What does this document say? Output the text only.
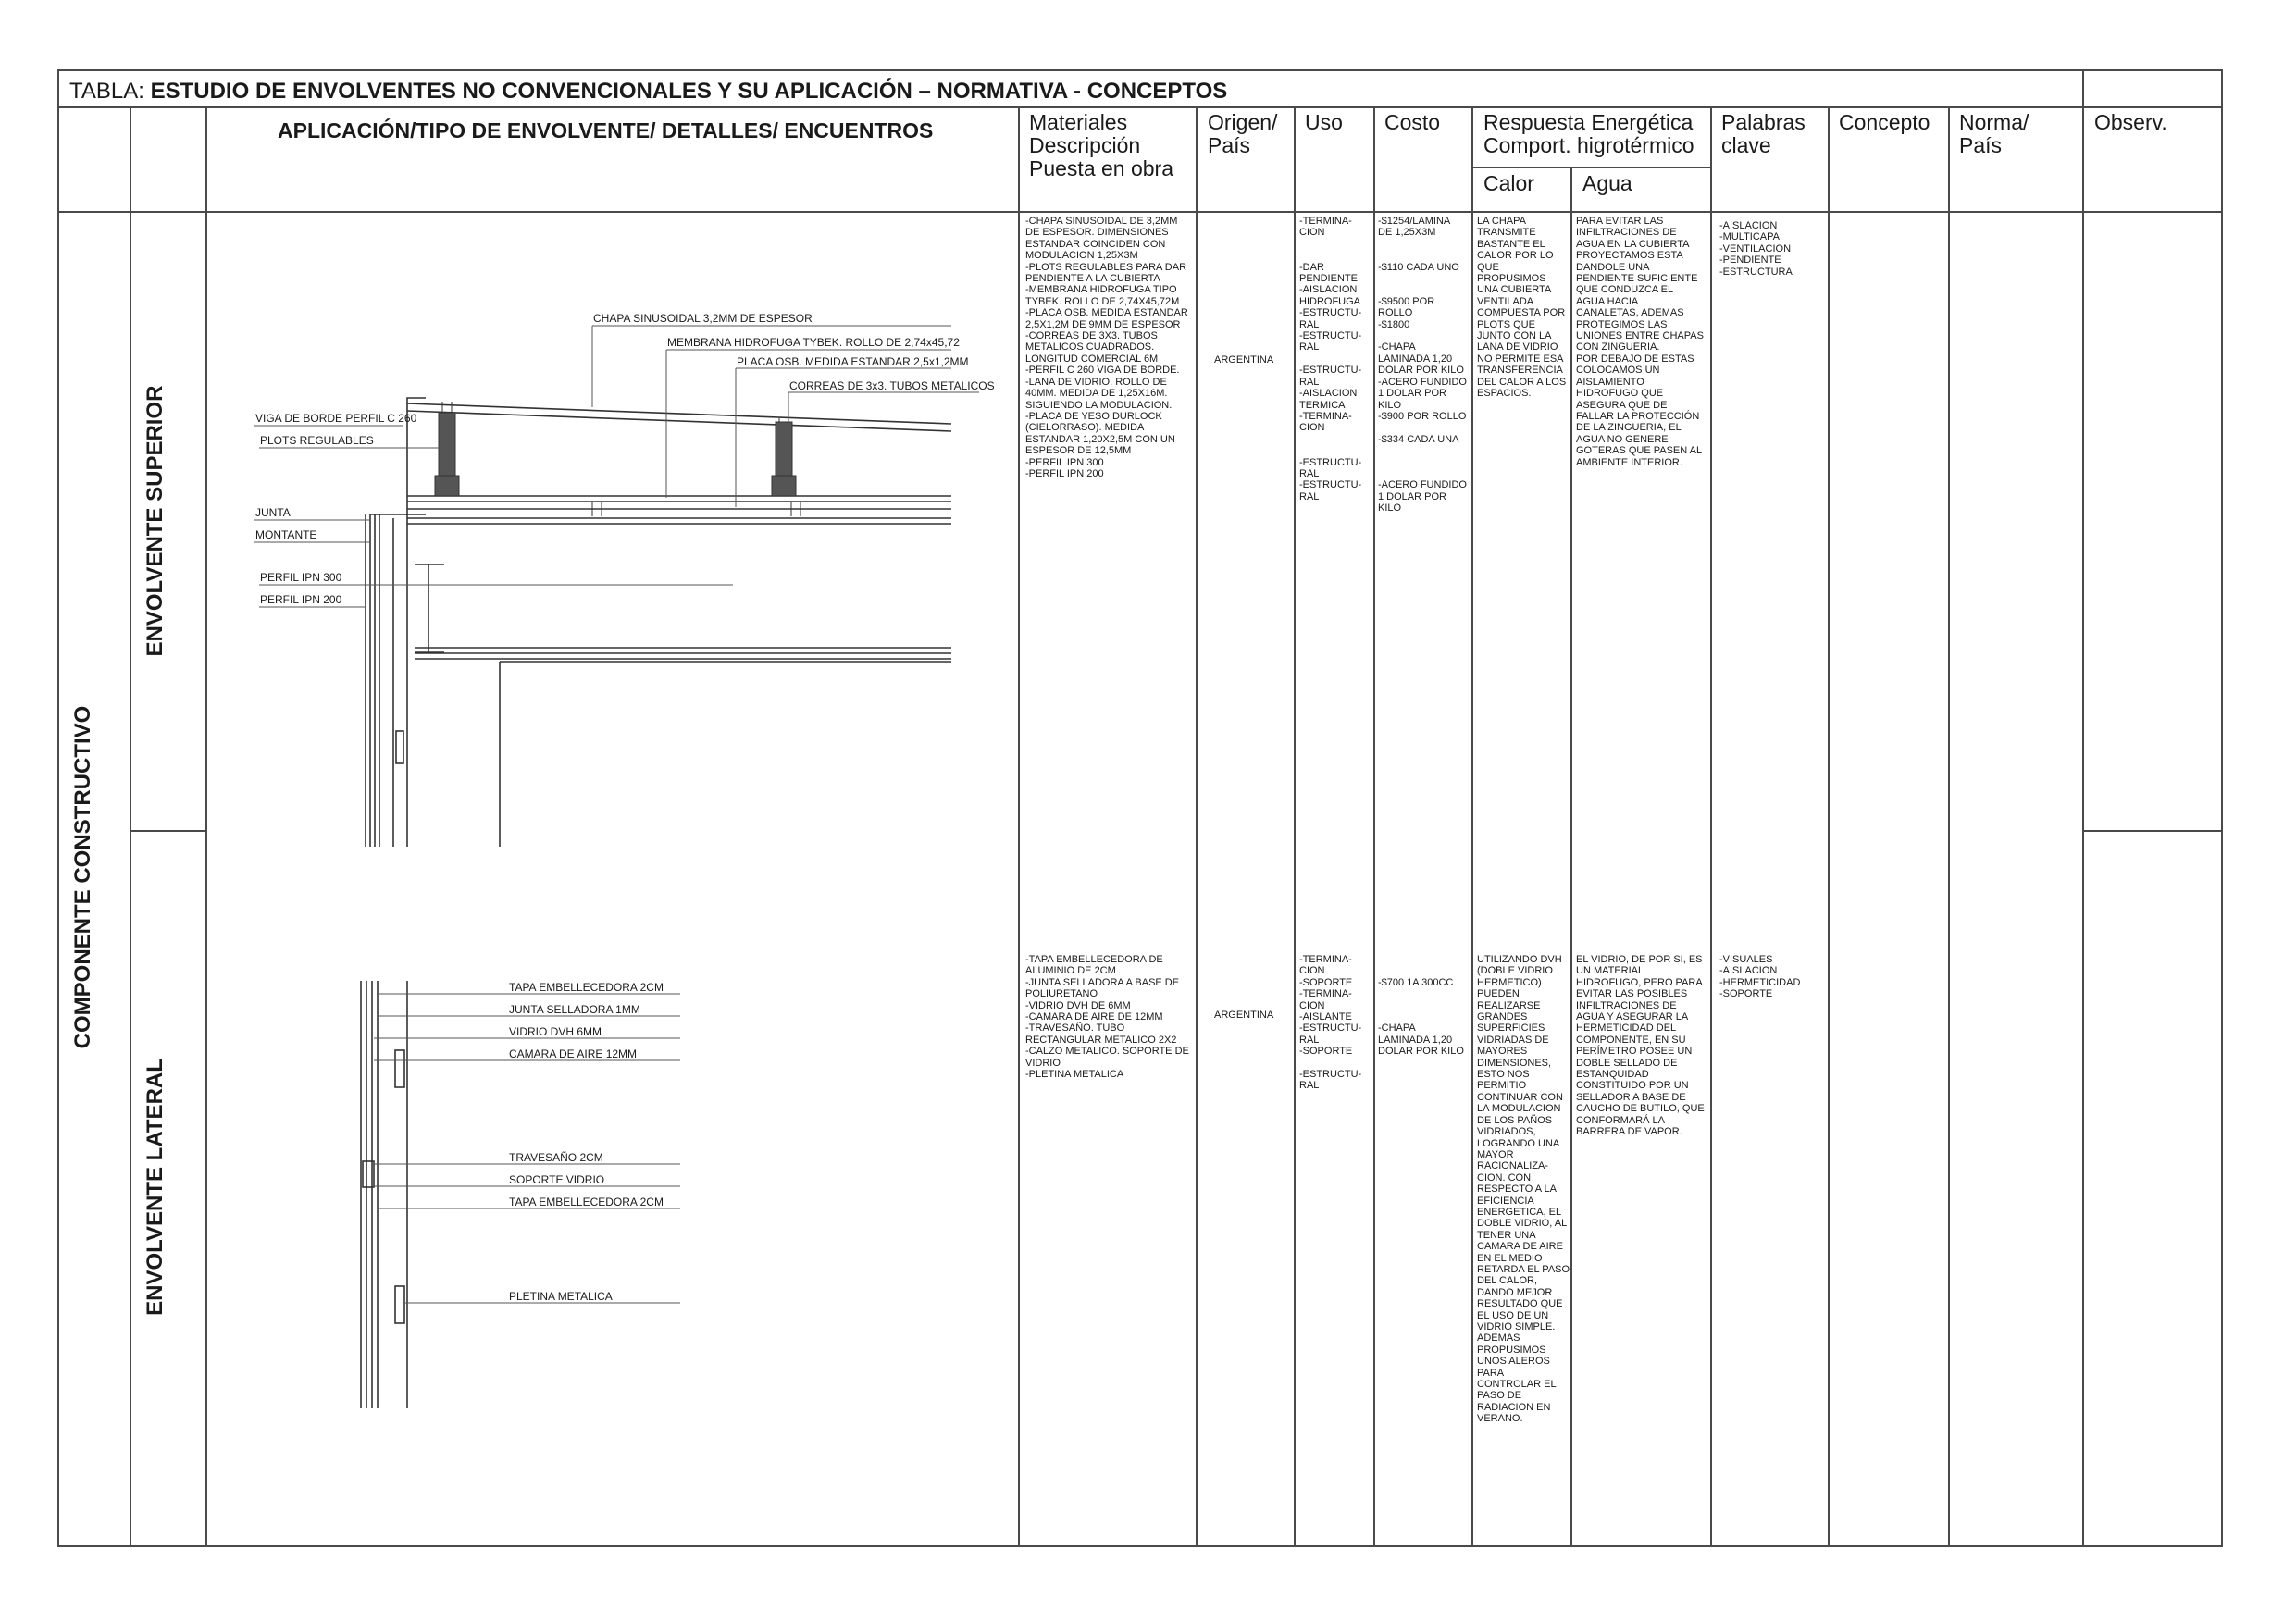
TABLA: ESTUDIO DE ENVOLVENTES NO CONVENCIONALES Y SU APLICACIÓN – NORMATIVA - CONCEPTOS
APLICACIÓN/TIPO DE ENVOLVENTE/ DETALLES/ ENCUENTROS	Materiales
Descripción
Puesta en obra
Origen/
País
Uso Costo Respuesta Energética
Comport. higrotérmico
Calor Agua
Palabras
clave
Concepto Norma/
País
Observ.
COMPONENTE CONSTRUCTIVO
ENVOLVENTE SUPERIOR
ENVOLVENTE LATERAL
CHAPA SINUSOIDAL 3,2MM DE ESPESOR
MEMBRANA HIDROFUGA TYBEK. ROLLO DE 2,74x45,72
PLACA OSB. MEDIDA ESTANDAR 2,5x1,2MM
CORREAS DE 3x3. TUBOS METALICOS
VIGA DE BORDE PERFIL C 260
PLOTS REGULABLES
JUNTA
MONTANTE
PERFIL IPN 300
PERFIL IPN 200
TAPA EMBELLECEDORA 2CM
JUNTA SELLADORA 1MM
VIDRIO DVH 6MM
CAMARA DE AIRE 12MM
TRAVESAÑO 2CM
SOPORTE VIDRIO
TAPA EMBELLECEDORA 2CM
PLETINA METALICA
-CHAPA SINUSOIDAL DE 3,2MM
DE ESPESOR. DIMENSIONES
ESTANDAR COINCIDEN CON
MODULACION 1,25X3M
-PLOTS REGULABLES PARA DAR
PENDIENTE A LA CUBIERTA
-MEMBRANA HIDROFUGA TIPO
TYBEK. ROLLO DE 2,74X45,72M
-PLACA OSB. MEDIDA ESTANDAR
2,5X1,2M DE 9MM DE ESPESOR
-CORREAS DE 3X3. TUBOS
METALICOS CUADRADOS.
LONGITUD COMERCIAL 6M
-PERFIL C 260 VIGA DE BORDE.
-LANA DE VIDRIO. ROLLO DE
40MM. MEDIDA DE 1,25X16M.
SIGUIENDO LA MODULACION.
-PLACA DE YESO DURLOCK
(CIELORRASO). MEDIDA
ESTANDAR 1,20X2,5M CON UN
ESPESOR DE 12,5MM
-PERFIL IPN 300
-PERFIL IPN 200
ARGENTINA
-TERMINA-
CION

-DAR
PENDIENTE
-AISLACION
HIDROFUGA
-ESTRUCTU-
RAL
-ESTRUCTU-
RAL

-ESTRUCTU-
RAL
-AISLACION
TERMICA
-TERMINA-
CION

-ESTRUCTU-
RAL
-ESTRUCTU-
RAL
-$1254/LAMINA
DE 1,25X3M

-$110 CADA UNO

-$9500 POR
ROLLO
-$1800

-CHAPA
LAMINADA 1,20
DOLAR POR KILO
-ACERO FUNDIDO
1 DOLAR POR
KILO
-$900 POR ROLLO

-$334 CADA UNA

-ACERO FUNDIDO
1 DOLAR POR
KILO
LA CHAPA
TRANSMITE
BASTANTE EL
CALOR POR LO
QUE
PROPUSIMOS
UNA CUBIERTA
VENTILADA
COMPUESTA POR
PLOTS QUE
JUNTO CON LA
LANA DE VIDRIO
NO PERMITE ESA
TRANSFERENCIA
DEL CALOR A LOS
ESPACIOS.
PARA EVITAR LAS
INFILTRACIONES DE
AGUA EN LA CUBIERTA
PROYECTAMOS ESTA
DANDOLE UNA
PENDIENTE SUFICIENTE
QUE CONDUZCA EL
AGUA HACIA
CANALETAS, ADEMAS
PROTEGIMOS LAS
UNIONES ENTRE CHAPAS
CON ZINGUERIA.
POR DEBAJO DE ESTAS
COLOCAMOS UN
AISLAMIENTO
HIDROFUGO QUE
ASEGURA QUE DE
FALLAR LA PROTECCIÓN
DE LA ZINGUERIA, EL
AGUA NO GENERE
GOTERAS QUE PASEN AL
AMBIENTE INTERIOR.
-AISLACION
-MULTICAPA
-VENTILACION
-PENDIENTE
-ESTRUCTURA
-TAPA EMBELLECEDORA DE
ALUMINIO DE 2CM
-JUNTA SELLADORA A BASE DE
POLIURETANO
-VIDRIO DVH DE 6MM
-CAMARA DE AIRE DE 12MM
-TRAVESAÑO. TUBO
RECTANGULAR METALICO 2X2
-CALZO METALICO. SOPORTE DE
VIDRIO
-PLETINA METALICA
ARGENTINA
-TERMINA-
CION
-SOPORTE
-TERMINA-
CION
-AISLANTE
-ESTRUCTU-
RAL
-SOPORTE

-ESTRUCTU-
RAL

-$700 1A 300CC

-CHAPA
LAMINADA 1,20
DOLAR POR KILO
UTILIZANDO DVH
(DOBLE VIDRIO
HERMETICO)
PUEDEN
REALIZARSE
GRANDES
SUPERFICIES
VIDRIADAS DE
MAYORES
DIMENSIONES,
ESTO NOS
PERMITIO
CONTINUAR CON
LA MODULACION
DE LOS PAÑOS
VIDRIADOS,
LOGRANDO UNA
MAYOR
RACIONALIZA-
CION. CON
RESPECTO A LA
EFICIENCIA
ENERGETICA, EL
DOBLE VIDRIO, AL
TENER UNA
CAMARA DE AIRE
EN EL MEDIO
RETARDA EL PASO
DEL CALOR,
DANDO MEJOR
RESULTADO QUE
EL USO DE UN
VIDRIO SIMPLE.
ADEMAS
PROPUSIMOS
UNOS ALEROS
PARA
CONTROLAR EL
PASO DE
RADIACION EN
VERANO.
EL VIDRIO, DE POR SI, ES
UN MATERIAL
HIDROFUGO, PERO PARA
EVITAR LAS POSIBLES
INFILTRACIONES DE
AGUA Y ASEGURAR LA
HERMETICIDAD DEL
COMPONENTE, EN SU
PERÍMETRO POSEE UN
DOBLE SELLADO DE
ESTANQUIDAD
CONSTITUIDO POR UN
SELLADOR A BASE DE
CAUCHO DE BUTILO, QUE
CONFORMARÁ LA
BARRERA DE VAPOR.
-VISUALES
-AISLACION
-HERMETICIDAD
-SOPORTE
